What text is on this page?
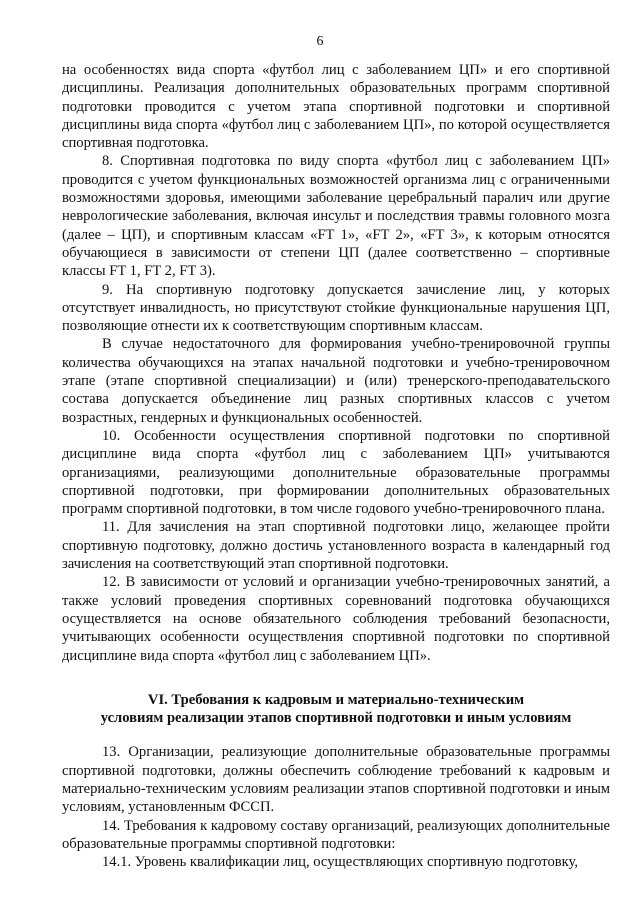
6

на особенностях вида спорта «футбол лиц с заболеванием ЦП» и его спортивной дисциплины. Реализация дополнительных образовательных программ спортивной подготовки проводится с учетом этапа спортивной подготовки и спортивной дисциплины вида спорта «футбол лиц с заболеванием ЦП», по которой осуществляется спортивная подготовка.

8. Спортивная подготовка по виду спорта «футбол лиц с заболеванием ЦП» проводится с учетом функциональных возможностей организма лиц с ограниченными возможностями здоровья, имеющими заболевание церебральный паралич или другие неврологические заболевания, включая инсульт и последствия травмы головного мозга (далее – ЦП), и спортивным классам «FT 1», «FT 2», «FT 3», к которым относятся обучающиеся в зависимости от степени ЦП (далее соответственно – спортивные классы FT 1, FT 2, FT 3).

9. На спортивную подготовку допускается зачисление лиц, у которых отсутствует инвалидность, но присутствуют стойкие функциональные нарушения ЦП, позволяющие отнести их к соответствующим спортивным классам.

В случае недостаточного для формирования учебно-тренировочной группы количества обучающихся на этапах начальной подготовки и учебно-тренировочном этапе (этапе спортивной специализации) и (или) тренерского-преподавательского состава допускается объединение лиц разных спортивных классов с учетом возрастных, гендерных и функциональных особенностей.

10. Особенности осуществления спортивной подготовки по спортивной дисциплине вида спорта «футбол лиц с заболеванием ЦП» учитываются организациями, реализующими дополнительные образовательные программы спортивной подготовки, при формировании дополнительных образовательных программ спортивной подготовки, в том числе годового учебно-тренировочного плана.

11. Для зачисления на этап спортивной подготовки лицо, желающее пройти спортивную подготовку, должно достичь установленного возраста в календарный год зачисления на соответствующий этап спортивной подготовки.

12. В зависимости от условий и организации учебно-тренировочных занятий, а также условий проведения спортивных соревнований подготовка обучающихся осуществляется на основе обязательного соблюдения требований безопасности, учитывающих особенности осуществления спортивной подготовки по спортивной дисциплине вида спорта «футбол лиц с заболеванием ЦП».

VI. Требования к кадровым и материально-техническим
условиям реализации этапов спортивной подготовки и иным условиям

13. Организации, реализующие дополнительные образовательные программы спортивной подготовки, должны обеспечить соблюдение требований к кадровым и материально-техническим условиям реализации этапов спортивной подготовки и иным условиям, установленным ФССП.

14. Требования к кадровому составу организаций, реализующих дополнительные образовательные программы спортивной подготовки:

14.1. Уровень квалификации лиц, осуществляющих спортивную подготовку,
